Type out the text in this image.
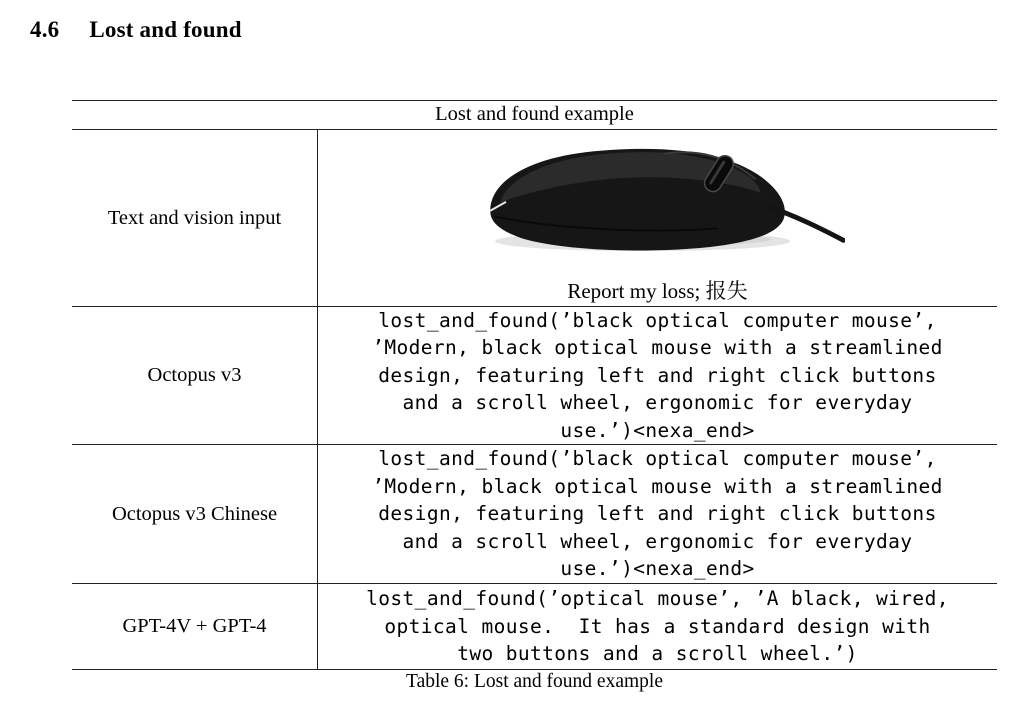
4.6 Lost and found
Lost and found example
Text and vision input
Report my loss; 报失
Octopus v3
lost_and_found(’black optical computer mouse’,
’Modern, black optical mouse with a streamlined
design, featuring left and right click buttons
and a scroll wheel, ergonomic for everyday
use.’)<nexa_end>
Octopus v3 Chinese
lost_and_found(’black optical computer mouse’,
’Modern, black optical mouse with a streamlined
design, featuring left and right click buttons
and a scroll wheel, ergonomic for everyday
use.’)<nexa_end>
GPT-4V + GPT-4
lost_and_found(’optical mouse’, ’A black, wired,
optical mouse.  It has a standard design with
two buttons and a scroll wheel.’)
Table 6: Lost and found example
